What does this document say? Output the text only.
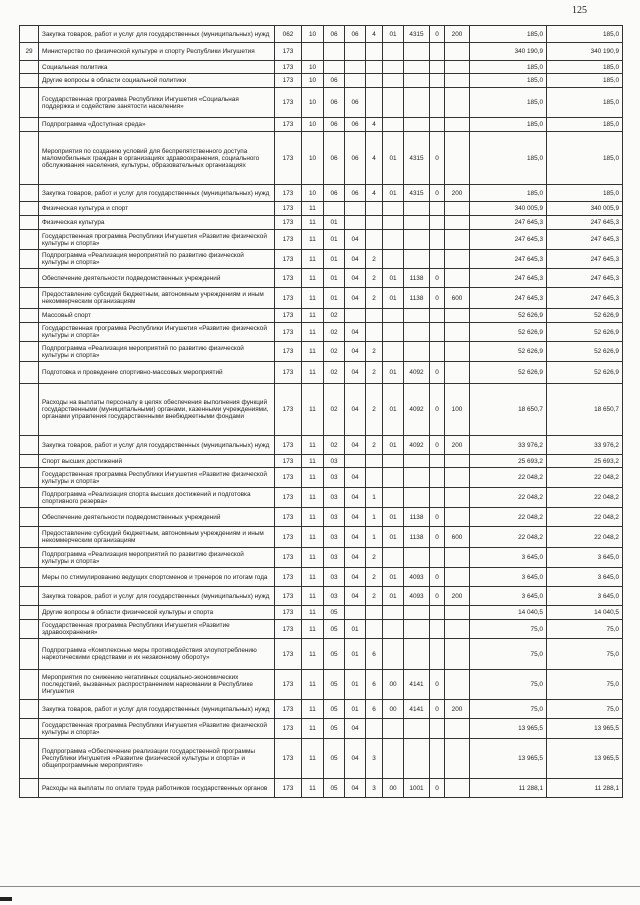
125
	Закупка товаров, работ и услуг для государственных (муниципальных) нужд	062	10	06	06	4	01	4315	0	200	185,0	185,0
29	Министерство по физической культуре и спорту Республики Ингушетия	173									340 190,9	340 190,9
	Социальная политика	173	10								185,0	185,0
	Другие вопросы в области социальной политики	173	10	06							185,0	185,0
	Государственная программа Республики Ингушетия «Социальная поддержка и содействие занятости населения»	173	10	06	06						185,0	185,0
	Подпрограмма «Доступная среда»	173	10	06	06	4					185,0	185,0
	Мероприятия по созданию условий для беспрепятственного доступа маломобильных граждан в организациях здравоохранения, социального обслуживания населения, культуры, образовательных организациях	173	10	06	06	4	01	4315	0		185,0	185,0
	Закупка товаров, работ и услуг для государственных (муниципальных) нужд	173	10	06	06	4	01	4315	0	200	185,0	185,0
	Физическая культура и спорт	173	11								340 005,9	340 005,9
	Физическая культура	173	11	01							247 645,3	247 645,3
	Государственная программа Республики Ингушетия «Развитие физической культуры и спорта»	173	11	01	04						247 645,3	247 645,3
	Подпрограмма «Реализация мероприятий по развитию физической культуры и спорта»	173	11	01	04	2					247 645,3	247 645,3
	Обеспечение деятельности подведомственных учреждений	173	11	01	04	2	01	1138	0		247 645,3	247 645,3
	Предоставление субсидий бюджетным, автономным учреждениям и иным некоммерческим организациям	173	11	01	04	2	01	1138	0	600	247 645,3	247 645,3
	Массовый спорт	173	11	02							52 626,9	52 626,9
	Государственная программа Республики Ингушетия «Развитие физической культуры и спорта»	173	11	02	04						52 626,9	52 626,9
	Подпрограмма «Реализация мероприятий по развитию физической культуры и спорта»	173	11	02	04	2					52 626,9	52 626,9
	Подготовка и проведение спортивно-массовых мероприятий	173	11	02	04	2	01	4092	0		52 626,9	52 626,9
	Расходы на выплаты персоналу в целях обеспечения выполнения функций государственными (муниципальными) органами, казенными учреждениями, органами управления государственными внебюджетными фондами	173	11	02	04	2	01	4092	0	100	18 650,7	18 650,7
	Закупка товаров, работ и услуг для государственных (муниципальных) нужд	173	11	02	04	2	01	4092	0	200	33 976,2	33 976,2
	Спорт высших достижений	173	11	03							25 693,2	25 693,2
	Государственная программа Республики Ингушетия «Развитие физической культуры и спорта»	173	11	03	04						22 048,2	22 048,2
	Подпрограмма «Реализация спорта высших достижений и подготовка спортивного резерва»	173	11	03	04	1					22 048,2	22 048,2
	Обеспечение деятельности подведомственных учреждений	173	11	03	04	1	01	1138	0		22 048,2	22 048,2
	Предоставление субсидий бюджетным, автономным учреждениям и иным некоммерческим организациям	173	11	03	04	1	01	1138	0	600	22 048,2	22 048,2
	Подпрограмма «Реализация мероприятий по развитию физической культуры и спорта»	173	11	03	04	2					3 645,0	3 645,0
	Меры по стимулированию ведущих спортсменов и тренеров по итогам года	173	11	03	04	2	01	4093	0		3 645,0	3 645,0
	Закупка товаров, работ и услуг для государственных (муниципальных) нужд	173	11	03	04	2	01	4093	0	200	3 645,0	3 645,0
	Другие вопросы в области физической культуры и спорта	173	11	05							14 040,5	14 040,5
	Государственная программа Республики Ингушетия «Развитие здравоохранения»	173	11	05	01						75,0	75,0
	Подпрограмма «Комплексные меры противодействия злоупотреблению наркотическими средствами и их незаконному обороту»	173	11	05	01	6					75,0	75,0
	Мероприятия по снижению негативных социально-экономических последствий, вызванных распространением наркомании в Республике Ингушетия	173	11	05	01	6	00	4141	0		75,0	75,0
	Закупка товаров, работ и услуг для государственных (муниципальных) нужд	173	11	05	01	6	00	4141	0	200	75,0	75,0
	Государственная программа Республики Ингушетия «Развитие физической культуры и спорта»	173	11	05	04						13 965,5	13 965,5
	Подпрограмма «Обеспечение реализации государственной программы Республики Ингушетия «Развитие физической культуры и спорта» и общепрограммные мероприятия»	173	11	05	04	3					13 965,5	13 965,5
	Расходы на выплаты по оплате труда работников государственных органов	173	11	05	04	3	00	1001	0		11 288,1	11 288,1
